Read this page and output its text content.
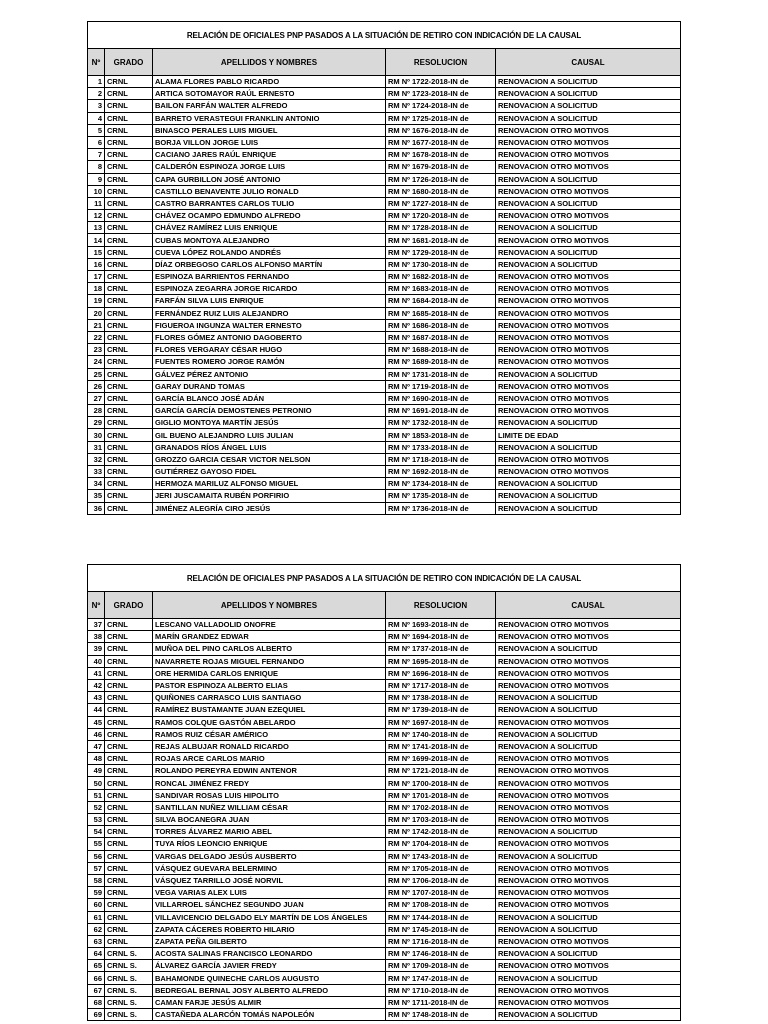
RELACIÓN DE OFICIALES PNP PASADOS A LA SITUACIÓN DE RETIRO CON INDICACIÓN DE LA CAUSAL				
Nº	GRADO	APELLIDOS Y NOMBRES	RESOLUCION	CAUSAL
1	CRNL	ALAMA FLORES PABLO RICARDO	RM Nº 1722-2018-IN de	RENOVACION A SOLICITUD
2	CRNL	ARTICA SOTOMAYOR RAÚL ERNESTO	RM Nº 1723-2018-IN de	RENOVACION A SOLICITUD
3	CRNL	BAILON FARFÁN WALTER ALFREDO	RM Nº 1724-2018-IN de	RENOVACION A SOLICITUD
4	CRNL	BARRETO VERASTEGUI FRANKLIN ANTONIO	RM Nº 1725-2018-IN de	RENOVACION A SOLICITUD
5	CRNL	BINASCO PERALES LUIS MIGUEL	RM Nº 1676-2018-IN de	RENOVACION OTRO MOTIVOS
6	CRNL	BORJA VILLON JORGE LUIS	RM Nº 1677-2018-IN de	RENOVACION OTRO MOTIVOS
7	CRNL	CACIANO JARES RAÚL ENRIQUE	RM Nº 1678-2018-IN de	RENOVACION OTRO MOTIVOS
8	CRNL	CALDERÓN ESPINOZA JORGE LUIS	RM Nº 1679-2018-IN de	RENOVACION OTRO MOTIVOS
9	CRNL	CAPA GURBILLON JOSÉ ANTONIO	RM Nº 1726-2018-IN de	RENOVACION A SOLICITUD
10	CRNL	CASTILLO BENAVENTE JULIO RONALD	RM Nº 1680-2018-IN de	RENOVACION OTRO MOTIVOS
11	CRNL	CASTRO BARRANTES CARLOS TULIO	RM Nº 1727-2018-IN de	RENOVACION A SOLICITUD
12	CRNL	CHÁVEZ OCAMPO EDMUNDO ALFREDO	RM Nº 1720-2018-IN de	RENOVACION OTRO MOTIVOS
13	CRNL	CHÁVEZ RAMÍREZ LUIS ENRIQUE	RM Nº 1728-2018-IN de	RENOVACION A SOLICITUD
14	CRNL	CUBAS MONTOYA ALEJANDRO	RM Nº 1681-2018-IN de	RENOVACION OTRO MOTIVOS
15	CRNL	CUEVA LÓPEZ ROLANDO ANDRÉS	RM Nº 1729-2018-IN de	RENOVACION A SOLICITUD
16	CRNL	DÍAZ ORBEGOSO CARLOS ALFONSO MARTÍN	RM Nº 1730-2018-IN de	RENOVACION A SOLICITUD
17	CRNL	ESPINOZA BARRIENTOS FERNANDO	RM Nº 1682-2018-IN de	RENOVACION OTRO MOTIVOS
18	CRNL	ESPINOZA ZEGARRA JORGE RICARDO	RM Nº 1683-2018-IN de	RENOVACION OTRO MOTIVOS
19	CRNL	FARFÁN SILVA LUIS ENRIQUE	RM Nº 1684-2018-IN de	RENOVACION OTRO MOTIVOS
20	CRNL	FERNÁNDEZ RUIZ LUIS ALEJANDRO	RM Nº 1685-2018-IN de	RENOVACION OTRO MOTIVOS
21	CRNL	FIGUEROA INGUNZA WALTER ERNESTO	RM Nº 1686-2018-IN de	RENOVACION OTRO MOTIVOS
22	CRNL	FLORES GÓMEZ ANTONIO DAGOBERTO	RM Nº 1687-2018-IN de	RENOVACION OTRO MOTIVOS
23	CRNL	FLORES VERGARAY CÉSAR HUGO	RM Nº 1688-2018-IN de	RENOVACION OTRO MOTIVOS
24	CRNL	FUENTES ROMERO JORGE RAMÓN	RM Nº 1689-2018-IN de	RENOVACION OTRO MOTIVOS
25	CRNL	GÁLVEZ PÉREZ ANTONIO	RM Nº 1731-2018-IN de	RENOVACION A SOLICITUD
26	CRNL	GARAY DURAND TOMAS	RM Nº 1719-2018-IN de	RENOVACION OTRO MOTIVOS
27	CRNL	GARCÍA BLANCO JOSÉ ADÁN	RM Nº 1690-2018-IN de	RENOVACION OTRO MOTIVOS
28	CRNL	GARCÍA GARCÍA DEMOSTENES PETRONIO	RM Nº 1691-2018-IN de	RENOVACION OTRO MOTIVOS
29	CRNL	GIGLIO MONTOYA MARTÍN JESÚS	RM Nº 1732-2018-IN de	RENOVACION A SOLICITUD
30	CRNL	GIL BUENO ALEJANDRO LUIS JULIAN	RM Nº 1853-2018-IN de	LIMITE DE EDAD
31	CRNL	GRANADOS RÍOS ÁNGEL LUIS	RM Nº 1733-2018-IN de	RENOVACION A SOLICITUD
32	CRNL	GROZZO GARCIA CESAR VICTOR NELSON	RM Nº 1718-2018-IN de	RENOVACION OTRO MOTIVOS
33	CRNL	GUTIÉRREZ GAYOSO FIDEL	RM Nº 1692-2018-IN de	RENOVACION OTRO MOTIVOS
34	CRNL	HERMOZA MARILUZ ALFONSO MIGUEL	RM Nº 1734-2018-IN de	RENOVACION A SOLICITUD
35	CRNL	JERI JUSCAMAITA RUBÉN PORFIRIO	RM Nº 1735-2018-IN de	RENOVACION A SOLICITUD
36	CRNL	JIMÉNEZ ALEGRÍA CIRO JESÚS	RM Nº 1736-2018-IN de	RENOVACION A SOLICITUD
RELACIÓN DE OFICIALES PNP PASADOS A LA SITUACIÓN DE RETIRO CON INDICACIÓN DE LA CAUSAL				
Nº	GRADO	APELLIDOS Y NOMBRES	RESOLUCION	CAUSAL
37	CRNL	LESCANO VALLADOLID ONOFRE	RM Nº 1693-2018-IN de	RENOVACION OTRO MOTIVOS
38	CRNL	MARÍN GRANDEZ EDWAR	RM Nº 1694-2018-IN de	RENOVACION OTRO MOTIVOS
39	CRNL	MUÑOA DEL PINO CARLOS ALBERTO	RM Nº 1737-2018-IN de	RENOVACION A SOLICITUD
40	CRNL	NAVARRETE ROJAS MIGUEL FERNANDO	RM Nº 1695-2018-IN de	RENOVACION OTRO MOTIVOS
41	CRNL	ORE HERMIDA CARLOS ENRIQUE	RM Nº 1696-2018-IN de	RENOVACION OTRO MOTIVOS
42	CRNL	PASTOR ESPINOZA ALBERTO ELIAS	RM Nº 1717-2018-IN de	RENOVACION OTRO MOTIVOS
43	CRNL	QUIÑONES CARRASCO LUIS SANTIAGO	RM Nº 1738-2018-IN de	RENOVACION A SOLICITUD
44	CRNL	RAMÍREZ BUSTAMANTE JUAN EZEQUIEL	RM Nº 1739-2018-IN de	RENOVACION A SOLICITUD
45	CRNL	RAMOS COLQUE GASTÓN ABELARDO	RM Nº 1697-2018-IN de	RENOVACION OTRO MOTIVOS
46	CRNL	RAMOS RUIZ CÉSAR AMÉRICO	RM Nº 1740-2018-IN de	RENOVACION A SOLICITUD
47	CRNL	REJAS ALBUJAR RONALD RICARDO	RM Nº 1741-2018-IN de	RENOVACION A SOLICITUD
48	CRNL	ROJAS ARCE CARLOS MARIO	RM Nº 1699-2018-IN de	RENOVACION OTRO MOTIVOS
49	CRNL	ROLANDO PEREYRA EDWIN ANTENOR	RM Nº 1721-2018-IN de	RENOVACION OTRO MOTIVOS
50	CRNL	RONCAL JIMÉNEZ FREDY	RM Nº 1700-2018-IN de	RENOVACION OTRO MOTIVOS
51	CRNL	SANDIVAR ROSAS LUIS HIPOLITO	RM Nº 1701-2018-IN de	RENOVACION OTRO MOTIVOS
52	CRNL	SANTILLAN NUÑEZ WILLIAM CÉSAR	RM Nº 1702-2018-IN de	RENOVACION OTRO MOTIVOS
53	CRNL	SILVA BOCANEGRA JUAN	RM Nº 1703-2018-IN de	RENOVACION OTRO MOTIVOS
54	CRNL	TORRES ÁLVAREZ MARIO ABEL	RM Nº 1742-2018-IN de	RENOVACION A SOLICITUD
55	CRNL	TUYA RÍOS LEONCIO ENRIQUE	RM Nº 1704-2018-IN de	RENOVACION OTRO MOTIVOS
56	CRNL	VARGAS DELGADO JESÚS AUSBERTO	RM Nº 1743-2018-IN de	RENOVACION A SOLICITUD
57	CRNL	VÁSQUEZ GUEVARA BELERMINO	RM Nº 1705-2018-IN de	RENOVACION OTRO MOTIVOS
58	CRNL	VÁSQUEZ TARRILLO JOSÉ NORVIL	RM Nº 1706-2018-IN de	RENOVACION OTRO MOTIVOS
59	CRNL	VEGA VARIAS ALEX LUIS	RM Nº 1707-2018-IN de	RENOVACION OTRO MOTIVOS
60	CRNL	VILLARROEL SÁNCHEZ SEGUNDO JUAN	RM Nº 1708-2018-IN de	RENOVACION OTRO MOTIVOS
61	CRNL	VILLAVICENCIO DELGADO ELY MARTÍN DE LOS ÁNGELES	RM Nº 1744-2018-IN de	RENOVACION A SOLICITUD
62	CRNL	ZAPATA CÁCERES ROBERTO HILARIO	RM Nº 1745-2018-IN de	RENOVACION A SOLICITUD
63	CRNL	ZAPATA PEÑA GILBERTO	RM Nº 1716-2018-IN de	RENOVACION OTRO MOTIVOS
64	CRNL S.	ACOSTA SALINAS FRANCISCO LEONARDO	RM Nº 1746-2018-IN de	RENOVACION A SOLICITUD
65	CRNL S.	ÁLVAREZ GARCÍA JAVIER FREDY	RM Nº 1709-2018-IN de	RENOVACION OTRO MOTIVOS
66	CRNL S.	BAHAMONDE QUINECHE CARLOS AUGUSTO	RM Nº 1747-2018-IN de	RENOVACION A SOLICITUD
67	CRNL S.	BEDREGAL BERNAL JOSY ALBERTO ALFREDO	RM Nº 1710-2018-IN de	RENOVACION OTRO MOTIVOS
68	CRNL S.	CAMAN FARJE JESÚS ALMIR	RM Nº 1711-2018-IN de	RENOVACION OTRO MOTIVOS
69	CRNL S.	CASTAÑEDA ALARCÓN TOMÁS NAPOLEÓN	RM Nº 1748-2018-IN de	RENOVACION A SOLICITUD
